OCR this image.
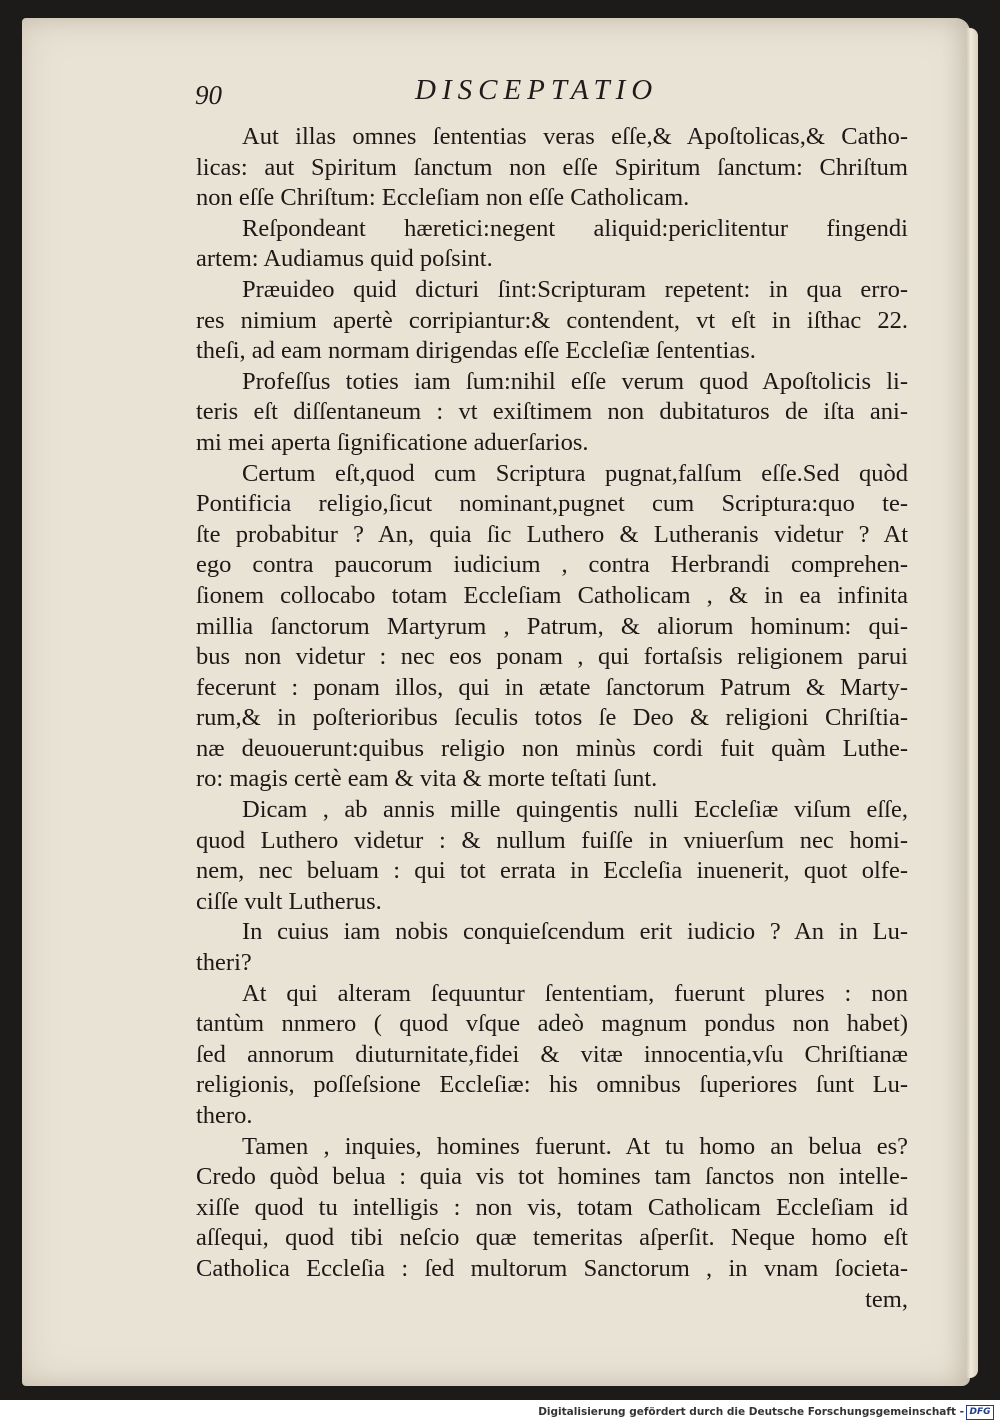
90	DISCEPTATIO
Aut illas omnes ſententias veras eſſe,& Apoſtolicas,& Catho-
licas: aut Spiritum ſanctum non eſſe Spiritum ſanctum: Chriſtum
non eſſe Chriſtum: Eccleſiam non eſſe Catholicam.
Reſpondeant hæretici:negent aliquid:periclitentur fingendi
artem: Audiamus quid poſsint.
Præuideo quid dicturi ſint:Scripturam repetent: in qua erro-
res nimium apertè corripiantur:& contendent, vt eſt in iſthac 22.
theſi, ad eam normam dirigendas eſſe Eccleſiæ ſententias.
Profeſſus toties iam ſum:nihil eſſe verum quod Apoſtolicis li-
teris eſt diſſentaneum : vt exiſtimem non dubitaturos de iſta ani-
mi mei aperta ſignificatione aduerſarios.
Certum eſt,quod cum Scriptura pugnat,falſum eſſe.Sed quòd
Pontificia religio,ſicut nominant,pugnet cum Scriptura:quo te-
ſte probabitur ? An, quia ſic Luthero & Lutheranis videtur ? At
ego contra paucorum iudicium , contra Herbrandi comprehen-
ſionem collocabo totam Eccleſiam Catholicam , & in ea infinita
millia ſanctorum Martyrum , Patrum, & aliorum hominum: qui-
bus non videtur : nec eos ponam , qui fortaſsis religionem parui
fecerunt : ponam illos, qui in ætate ſanctorum Patrum & Marty-
rum,& in poſterioribus ſeculis totos ſe Deo & religioni Chriſtia-
næ deuouerunt:quibus religio non minùs cordi fuit quàm Luthe-
ro: magis certè eam & vita & morte teſtati ſunt.
Dicam , ab annis mille quingentis nulli Eccleſiæ viſum eſſe,
quod Luthero videtur : & nullum fuiſſe in vniuerſum nec homi-
nem, nec beluam : qui tot errata in Eccleſia inuenerit, quot olfe-
ciſſe vult Lutherus.
In cuius iam nobis conquieſcendum erit iudicio ? An in Lu-
theri?
At qui alteram ſequuntur ſententiam, fuerunt plures : non
tantùm nnmero ( quod vſque adeò magnum pondus non habet)
ſed annorum diuturnitate,fidei & vitæ innocentia,vſu Chriſtianæ
religionis, poſſeſsione Eccleſiæ: his omnibus ſuperiores ſunt Lu-
thero.
Tamen , inquies, homines fuerunt. At tu homo an belua es?
Credo quòd belua : quia vis tot homines tam ſanctos non intelle-
xiſſe quod tu intelligis : non vis, totam Catholicam Eccleſiam id
aſſequi, quod tibi neſcio quæ temeritas aſperſit. Neque homo eſt
Catholica Eccleſia : ſed multorum Sanctorum , in vnam ſocieta-
tem,
Digitalisierung gefördert durch die Deutsche Forschungsgemeinschaft - DFG
